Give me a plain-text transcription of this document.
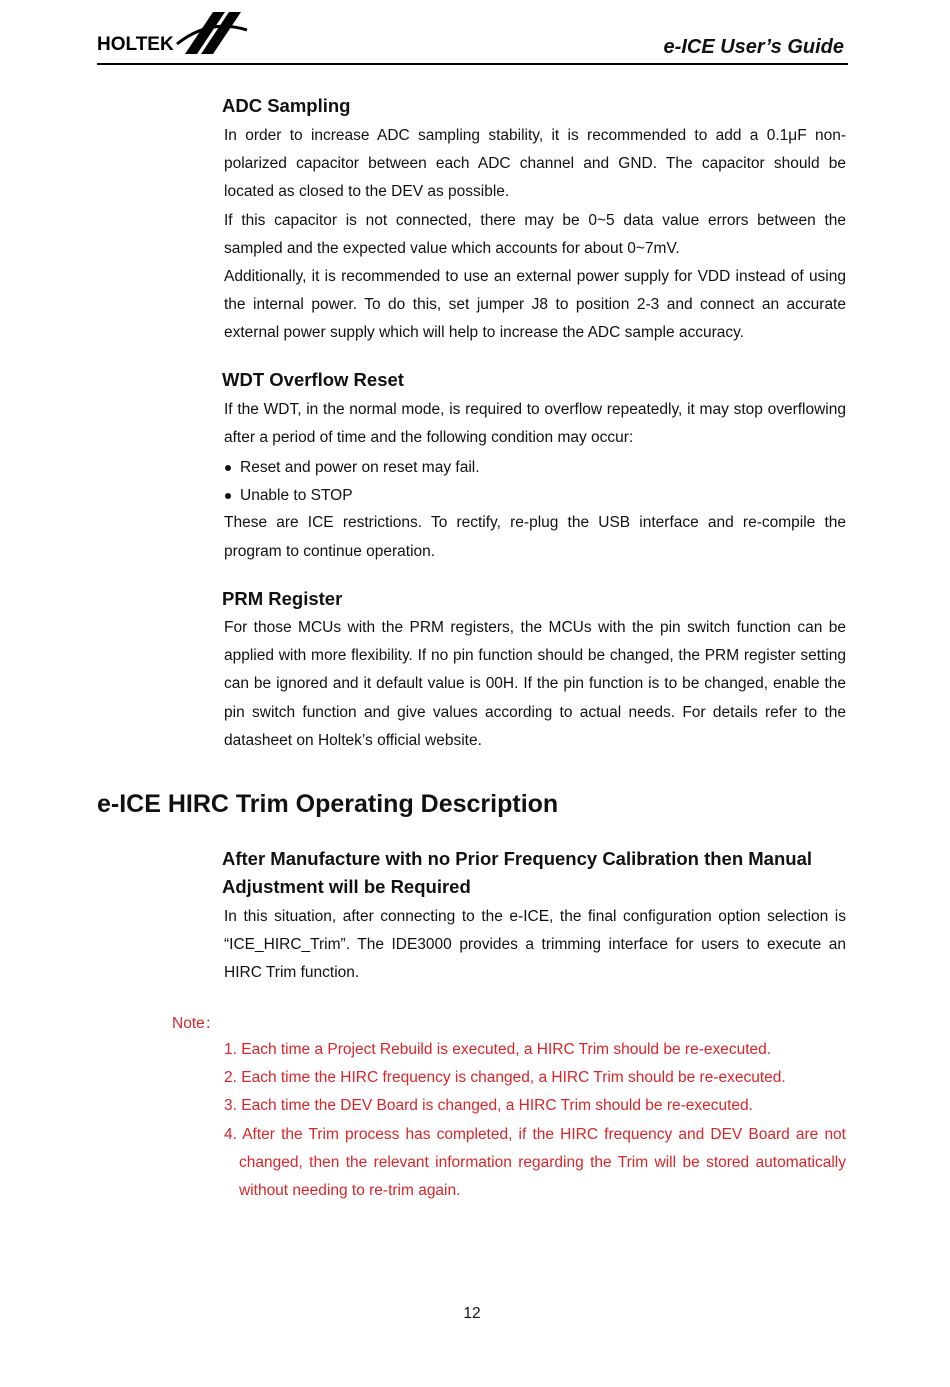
HOLTEK	e-ICE User’s Guide
ADC Sampling

In order to increase ADC sampling stability, it is recommended to add a 0.1μF non-polarized capacitor between each ADC channel and GND. The capacitor should be located as closed to the DEV as possible.

If this capacitor is not connected, there may be 0~5 data value errors between the sampled and the expected value which accounts for about 0~7mV.

Additionally, it is recommended to use an external power supply for VDD instead of using the internal power. To do this, set jumper J8 to position 2-3 and connect an accurate external power supply which will help to increase the ADC sample accuracy.

WDT Overflow Reset

If the WDT, in the normal mode, is required to overflow repeatedly, it may stop overflowing after a period of time and the following condition may occur:

Reset and power on reset may fail.
Unable to STOP

These are ICE restrictions. To rectify, re-plug the USB interface and re-compile the program to continue operation.

PRM Register

For those MCUs with the PRM registers, the MCUs with the pin switch function can be applied with more flexibility. If no pin function should be changed, the PRM register setting can be ignored and it default value is 00H. If the pin function is to be changed, enable the pin switch function and give values according to actual needs. For details refer to the datasheet on Holtek’s official website.

e-ICE HIRC Trim Operating Description
After Manufacture with no Prior Frequency Calibration then Manual Adjustment will be Required

In this situation, after connecting to the e-ICE, the final configuration option selection is “ICE_HIRC_Trim”. The IDE3000 provides a trimming interface for users to execute an HIRC Trim function.

Note：
1. Each time a Project Rebuild is executed, a HIRC Trim should be re-executed.
2. Each time the HIRC frequency is changed, a HIRC Trim should be re-executed.
3. Each time the DEV Board is changed, a HIRC Trim should be re-executed.
4. After the Trim process has completed, if the HIRC frequency and DEV Board are not changed, then the relevant information regarding the Trim will be stored automatically without needing to re-trim again.
12
